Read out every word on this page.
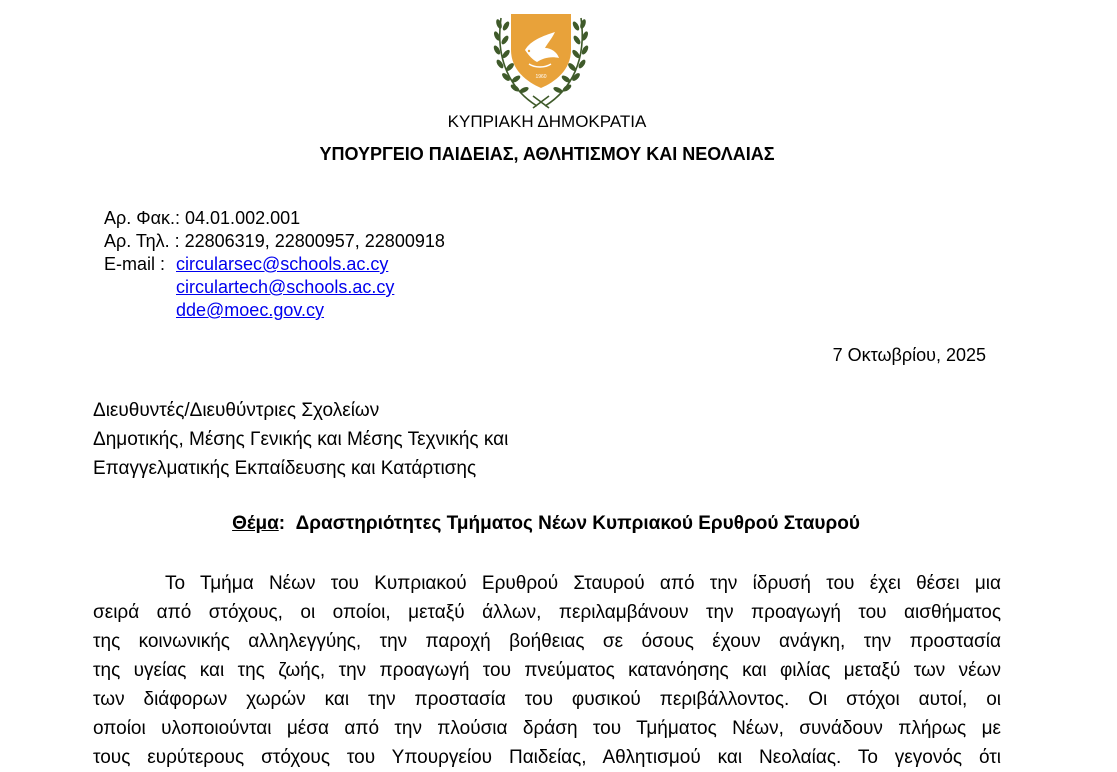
1960
ΚΥΠΡΙΑΚΗ ΔΗΜΟΚΡΑΤΙΑ
ΥΠΟΥΡΓΕΙΟ ΠΑΙΔΕΙΑΣ, ΑΘΛΗΤΙΣΜΟΥ ΚΑΙ ΝΕΟΛΑΙΑΣ
Αρ. Φακ.: 04.01.002.001
Αρ. Τηλ. : 22806319, 22800957, 22800918
E-mail : circularsec@schools.ac.cy
circulartech@schools.ac.cy
dde@moec.gov.cy
7 Οκτωβρίου, 2025
Διευθυντές/Διευθύντριες Σχολείων
Δημοτικής, Μέσης Γενικής και Μέσης Τεχνικής και
Επαγγελματικής Εκπαίδευσης και Κατάρτισης
Θέμα:  Δραστηριότητες Τμήματος Νέων Κυπριακού Ερυθρού Σταυρού
Το Τμήμα Νέων του Κυπριακού Ερυθρού Σταυρού από την ίδρυσή του έχει θέσει μια
σειρά από στόχους, οι οποίοι, μεταξύ άλλων, περιλαμβάνουν την προαγωγή του αισθήματος
της κοινωνικής αλληλεγγύης, την παροχή βοήθειας σε όσους έχουν ανάγκη, την προστασία
της υγείας και της ζωής, την προαγωγή του πνεύματος κατανόησης και φιλίας μεταξύ των νέων
των διάφορων χωρών και την προστασία του φυσικού περιβάλλοντος. Οι στόχοι αυτοί, οι
οποίοι υλοποιούνται μέσα από την πλούσια δράση του Τμήματος Νέων, συνάδουν πλήρως με
τους ευρύτερους στόχους του Υπουργείου Παιδείας, Αθλητισμού και Νεολαίας. Το γεγονός ότι
